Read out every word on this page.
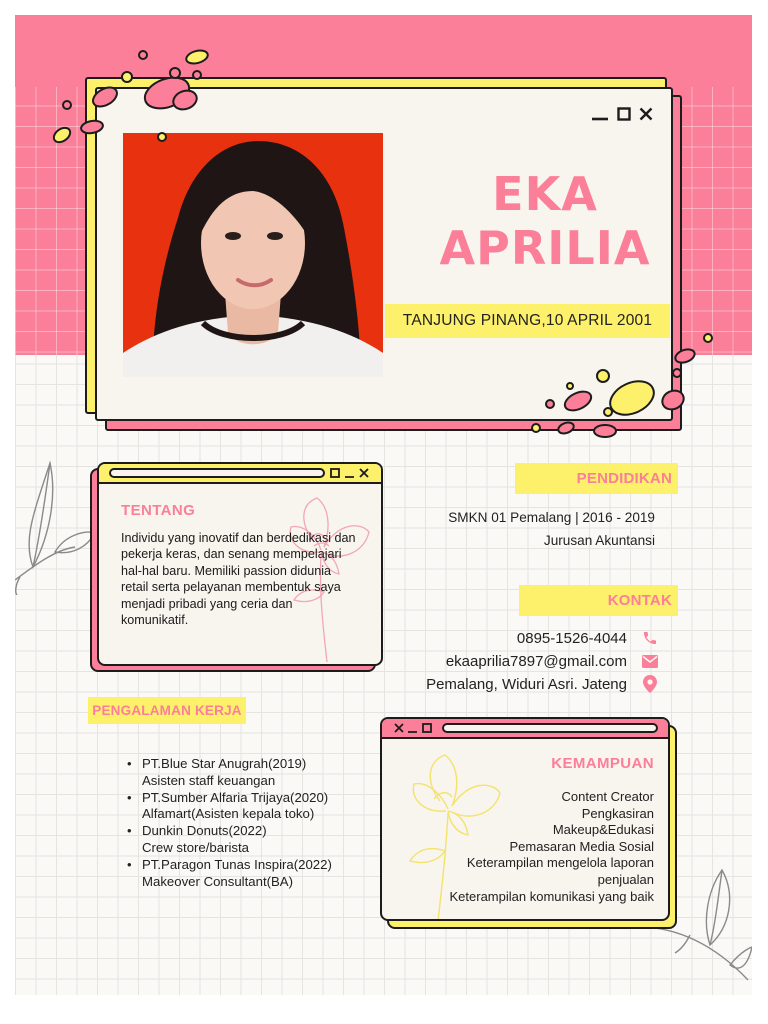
EKA
APRILIA
TANJUNG PINANG,10 APRIL 2001
TENTANG
Individu yang inovatif dan berdedikasi dan pekerja keras, dan senang mempelajari hal-hal baru. Memiliki passion didunia retail serta pelayanan membentuk saya menjadi pribadi yang ceria dan komunikatif.
PENDIDIKAN
SMKN 01 Pemalang | 2016 - 2019
Jurusan Akuntansi
KONTAK
0895-1526-4044
ekaaprilia7897@gmail.com
Pemalang, Widuri Asri. Jateng
PENGALAMAN KERJA
• PT.Blue Star Anugrah(2019)
Asisten staff keuangan
• PT.Sumber Alfaria Trijaya(2020)
Alfamart(Asisten kepala toko)
• Dunkin Donuts(2022)
Crew store/barista
• PT.Paragon Tunas Inspira(2022)
Makeover Consultant(BA)
KEMAMPUAN
Content Creator
Pengkasiran
Makeup&Edukasi
Pemasaran Media Sosial
Keterampilan mengelola laporan penjualan
Keterampilan komunikasi yang baik
